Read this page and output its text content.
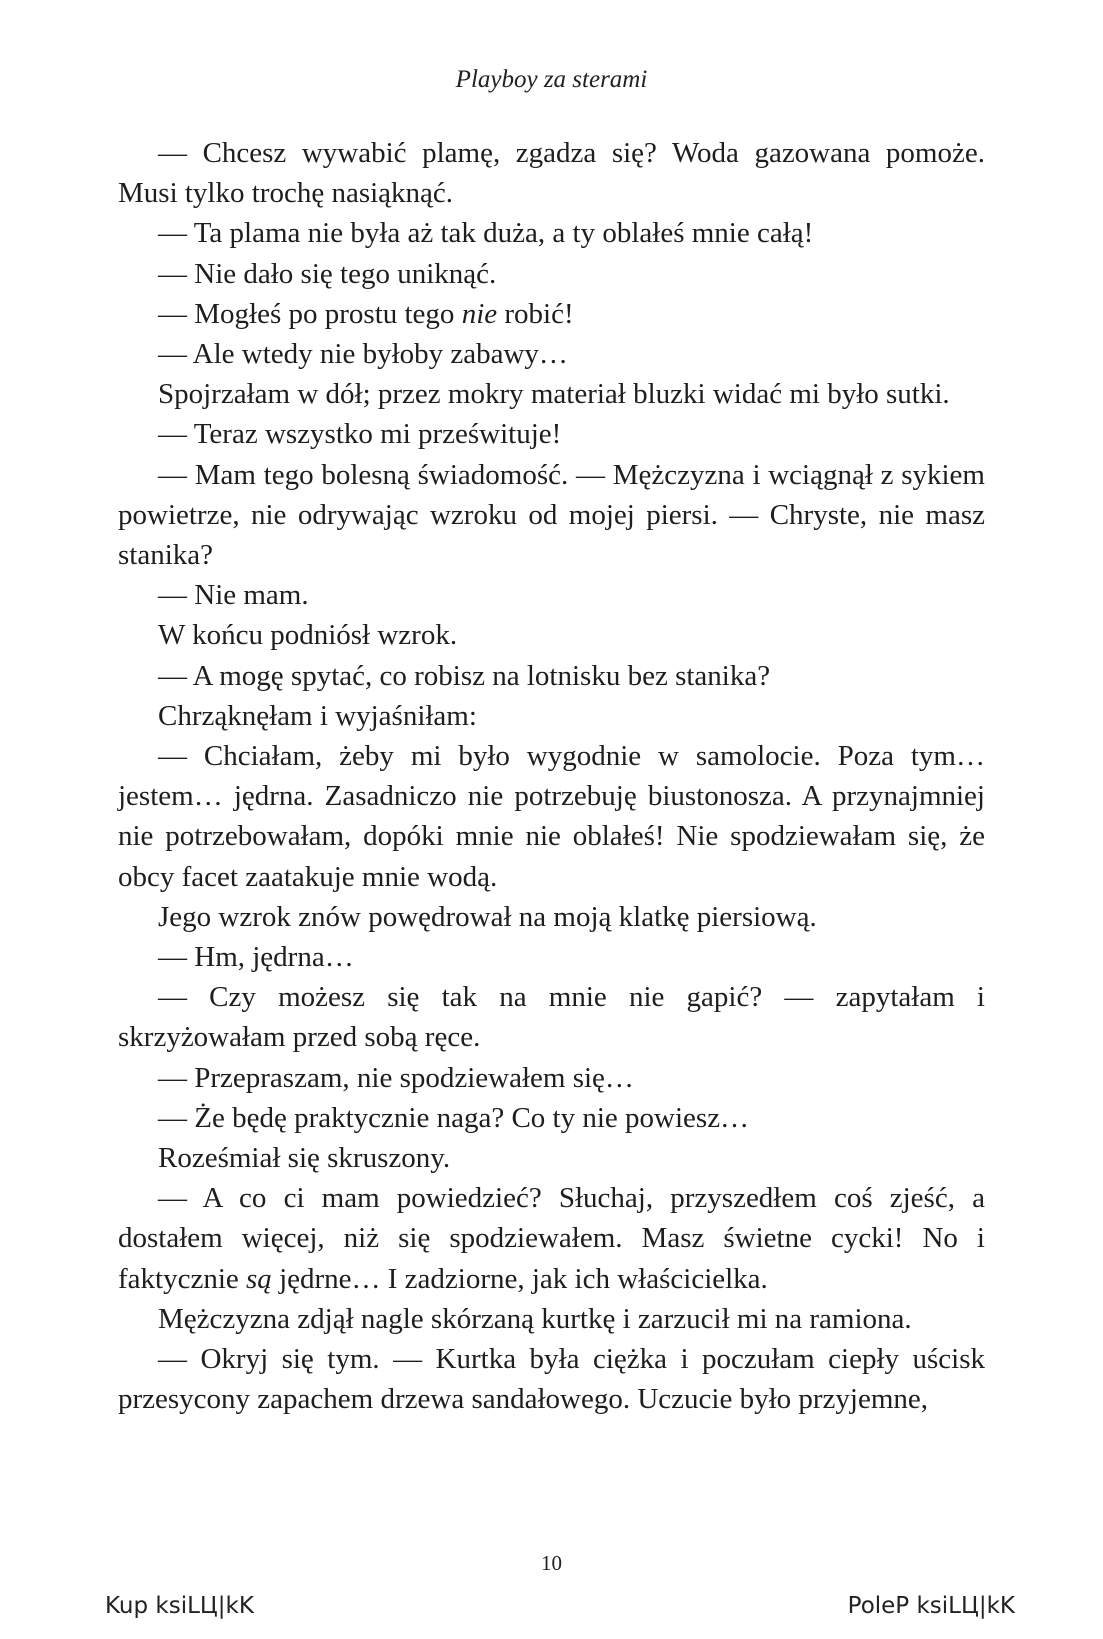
Playboy za sterami

— Chcesz wywabić plamę, zgadza się? Woda gazowana pomoże. Musi tylko trochę nasiąknąć.

— Ta plama nie była aż tak duża, a ty oblałeś mnie całą!

— Nie dało się tego uniknąć.

— Mogłeś po prostu tego nie robić!

— Ale wtedy nie byłoby zabawy…

Spojrzałam w dół; przez mokry materiał bluzki widać mi było sutki.

— Teraz wszystko mi prześwituje!

— Mam tego bolesną świadomość. — Mężczyzna i wciągnął z sykiem powietrze, nie odrywając wzroku od mojej piersi. — Chryste, nie masz stanika?

— Nie mam.

W końcu podniósł wzrok.

— A mogę spytać, co robisz na lotnisku bez stanika?

Chrząknęłam i wyjaśniłam:

— Chciałam, żeby mi było wygodnie w samolocie. Poza tym… jestem… jędrna. Zasadniczo nie potrzebuję biustonosza. A przynajmniej nie potrzebowałam, dopóki mnie nie oblałeś! Nie spodziewałam się, że obcy facet zaatakuje mnie wodą.

Jego wzrok znów powędrował na moją klatkę piersiową.

— Hm, jędrna…

— Czy możesz się tak na mnie nie gapić? — zapytałam i skrzyżowałam przed sobą ręce.

— Przepraszam, nie spodziewałem się…

— Że będę praktycznie naga? Co ty nie powiesz…

Roześmiał się skruszony.

— A co ci mam powiedzieć? Słuchaj, przyszedłem coś zjeść, a dostałem więcej, niż się spodziewałem. Masz świetne cycki! No i faktycznie są jędrne… I zadziorne, jak ich właścicielka.

Mężczyzna zdjął nagle skórzaną kurtkę i zarzucił mi na ramiona.

— Okryj się tym. — Kurtka była ciężka i poczułam ciepły uścisk przesycony zapachem drzewa sandałowego. Uczucie było przyjemne,

10
Kup ksiLЦ|kK	PoleP ksiLЦ|kK
